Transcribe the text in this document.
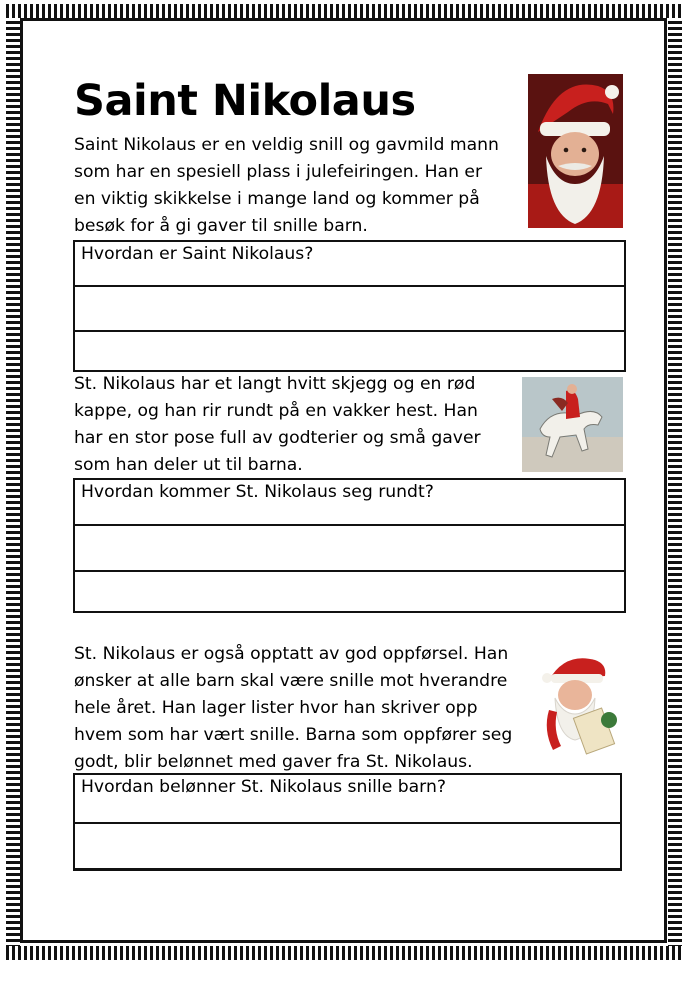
Saint Nikolaus

Saint Nikolaus er en veldig snill og gavmild mann
som har en spesiell plass i julefeiringen. Han er
en viktig skikkelse i mange land og kommer på
besøk for å gi gaver til snille barn.

Hvordan er Saint Nikolaus?

St. Nikolaus har et langt hvitt skjegg og en rød
kappe, og han rir rundt på en vakker hest. Han
har en stor pose full av godterier og små gaver
som han deler ut til barna.

Hvordan kommer St. Nikolaus seg rundt?

St. Nikolaus er også opptatt av god oppførsel. Han
ønsker at alle barn skal være snille mot hverandre
hele året. Han lager lister hvor han skriver opp
hvem som har vært snille. Barna som oppfører seg
godt, blir belønnet med gaver fra St. Nikolaus.

Hvordan belønner St. Nikolaus snille barn?
